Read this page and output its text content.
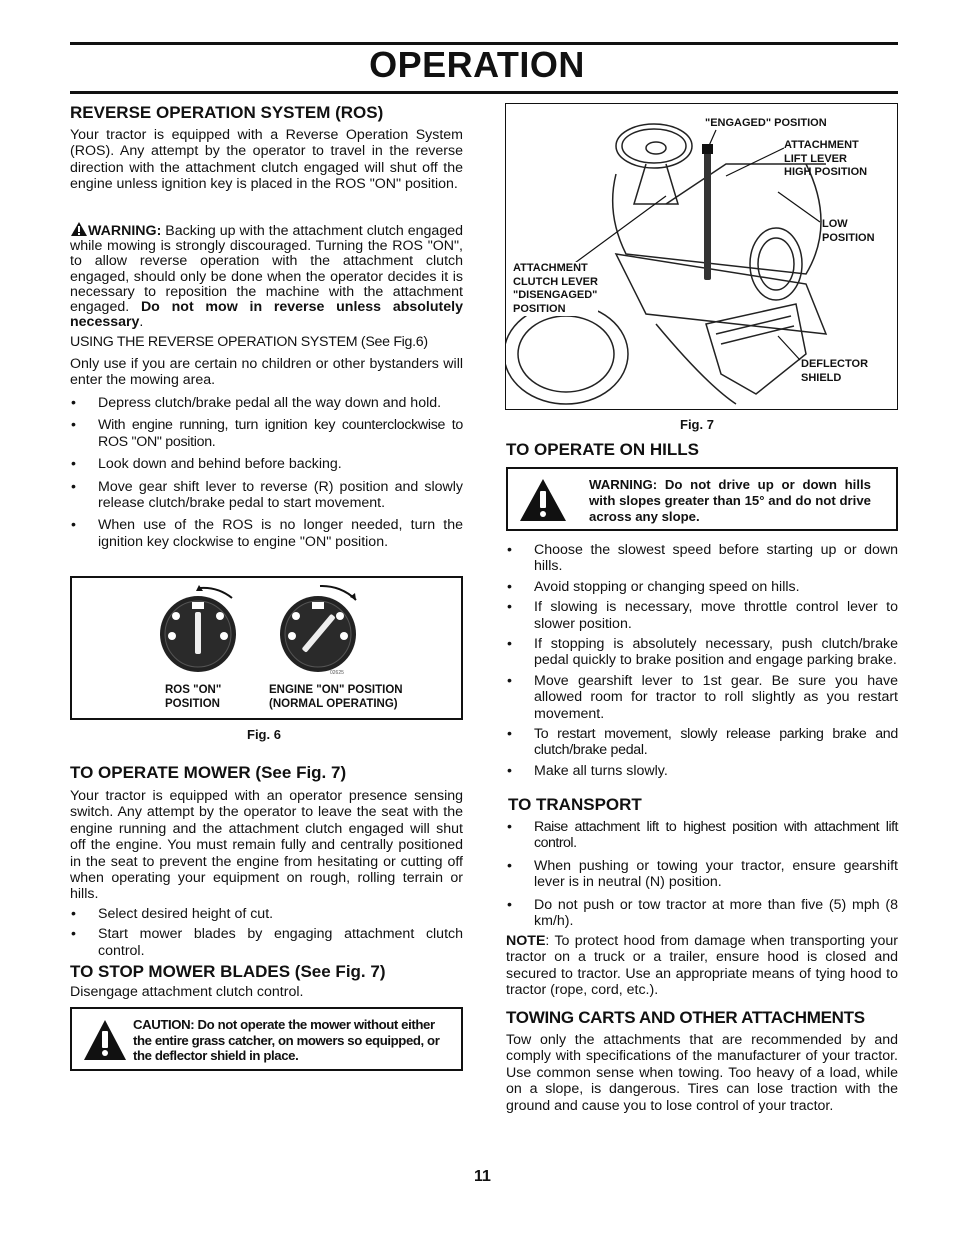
OPERATION
REVERSE OPERATION SYSTEM (ROS)

Your tractor is equipped with a Reverse Operation System (ROS). Any attempt by the operator to travel in the reverse direction with the attachment clutch engaged will shut off the engine unless ignition key is placed in the ROS "ON" position.

WARNING: Backing up with the attachment clutch engaged while mowing is strongly discouraged. Turning the ROS "ON", to allow reverse operation with the attachment clutch engaged, should only be done when the operator decides it is necessary to reposition the machine with the attachment engaged. Do not mow in reverse unless absolutely necessary.

USING THE REVERSE OPERATION SYSTEM (See Fig.6)

Only use if you are certain no children or other bystanders will enter the mowing area.

• Depress clutch/brake pedal all the way down and hold.
• With engine running, turn ignition key counterclockwise to ROS "ON" position.
• Look down and behind before backing.
• Move gear shift lever to reverse (R) position and slowly release clutch/brake pedal to start movement.
• When use of the ROS is no longer needed, turn the ignition key clockwise to engine "ON" position.
02625
ROS "ON"
POSITION
ENGINE "ON" POSITION
(NORMAL OPERATING)
Fig. 6
TO OPERATE MOWER (See Fig. 7)

Your tractor is equipped with an operator presence sensing switch. Any attempt by the operator to leave the seat with the engine running and the attachment clutch engaged will shut off the engine. You must remain fully and centrally positioned in the seat to prevent the engine from hesitating or cutting off when operating your equipment on rough, rolling terrain or hills.

• Select desired height of cut.
• Start mower blades by engaging attachment clutch control.
TO STOP MOWER BLADES (See Fig. 7)

Disengage attachment clutch control.

CAUTION: Do not operate the mower without either the entire grass catcher, on mowers so equipped, or the deflector shield in place.
"ENGAGED" POSITION
ATTACHMENT
LIFT LEVER
HIGH POSITION
LOW
POSITION
ATTACHMENT
CLUTCH LEVER
"DISENGAGED"
POSITION
DEFLECTOR
SHIELD
Fig. 7
TO OPERATE ON HILLS
WARNING: Do not drive up or down hills with slopes greater than 15° and do not drive across any slope.
• Choose the slowest speed before starting up or down hills.
• Avoid stopping or changing speed on hills.
• If slowing is necessary, move throttle control lever to slower position.
• If stopping is absolutely necessary, push clutch/brake pedal quickly to brake position and engage parking brake.
• Move gearshift lever to 1st gear. Be sure you have allowed room for tractor to roll slightly as you restart movement.
• To restart movement, slowly release parking brake and clutch/brake pedal.
• Make all turns slowly.
TO TRANSPORT
• Raise attachment lift to highest position with attachment lift control.
• When pushing or towing your tractor, ensure gearshift lever is in neutral (N) position.
• Do not push or tow tractor at more than five (5) mph (8 km/h).

NOTE: To protect hood from damage when transporting your tractor on a truck or a trailer, ensure hood is closed and secured to tractor. Use an appropriate means of tying hood to tractor (rope, cord, etc.).

TOWING CARTS AND OTHER ATTACHMENTS

Tow only the attachments that are recommended by and comply with specifications of the manufacturer of your tractor. Use common sense when towing. Too heavy of a load, while on a slope, is dangerous. Tires can lose traction with the ground and cause you to lose control of your tractor.

11
